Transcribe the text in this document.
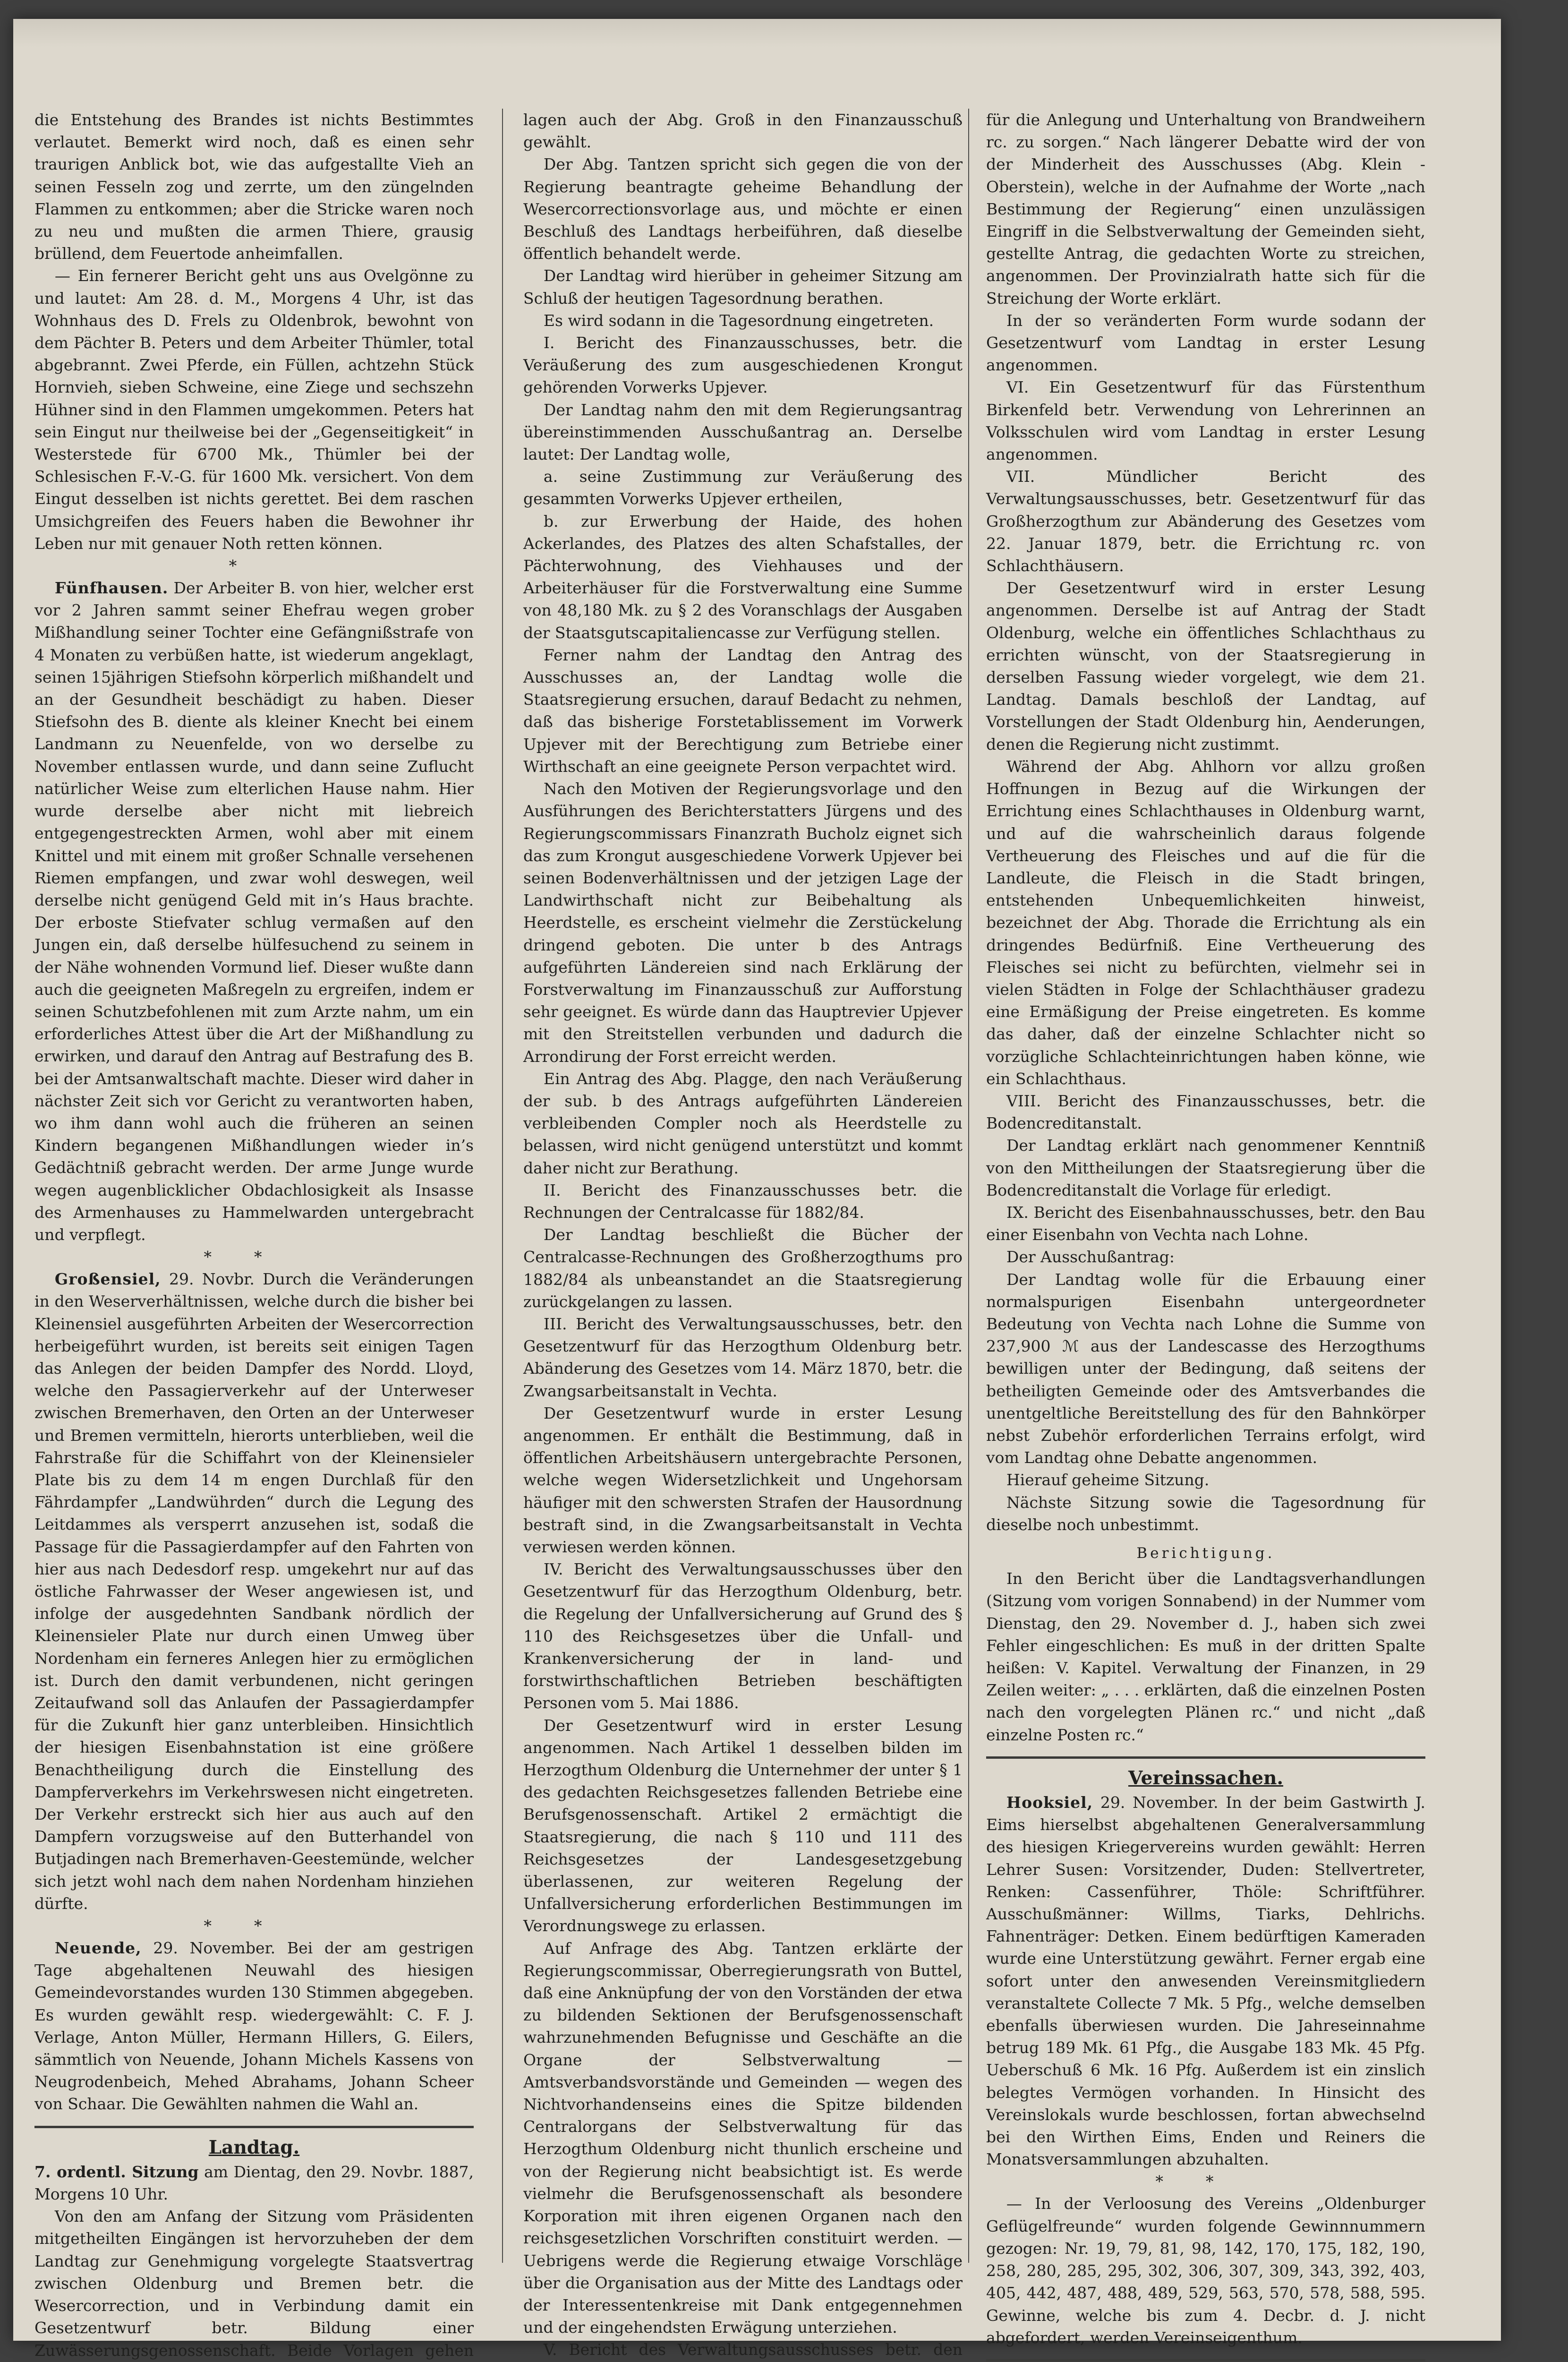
die Entstehung des Brandes ist nichts Bestimmtes verlautet. Bemerkt wird noch, daß es einen sehr traurigen Anblick bot, wie das aufgestallte Vieh an seinen Fesseln zog und zerrte, um den züngelnden Flammen zu entkommen; aber die Stricke waren noch zu neu und mußten die armen Thiere, grausig brüllend, dem Feuertode anheimfallen.

— Ein fernerer Bericht geht uns aus Ovelgönne zu und lautet: Am 28. d. M., Morgens 4 Uhr, ist das Wohnhaus des D. Frels zu Oldenbrok, bewohnt von dem Pächter B. Peters und dem Arbeiter Thümler, total abgebrannt. Zwei Pferde, ein Füllen, achtzehn Stück Hornvieh, sieben Schweine, eine Ziege und sechszehn Hühner sind in den Flammen umgekommen. Peters hat sein Eingut nur theilweise bei der „Gegenseitigkeit“ in Westerstede für 6700 Mk., Thümler bei der Schlesischen F.-V.-G. für 1600 Mk. versichert. Von dem Eingut desselben ist nichts gerettet. Bei dem raschen Umsichgreifen des Feuers haben die Bewohner ihr Leben nur mit genauer Noth retten können.

*

Fünfhausen. Der Arbeiter B. von hier, welcher erst vor 2 Jahren sammt seiner Ehefrau wegen grober Mißhandlung seiner Tochter eine Gefängnißstrafe von 4 Monaten zu verbüßen hatte, ist wiederum angeklagt, seinen 15jährigen Stiefsohn körperlich mißhandelt und an der Gesundheit beschädigt zu haben. Dieser Stiefsohn des B. diente als kleiner Knecht bei einem Landmann zu Neuenfelde, von wo derselbe zu November entlassen wurde, und dann seine Zuflucht natürlicher Weise zum elterlichen Hause nahm. Hier wurde derselbe aber nicht mit liebreich entgegengestreckten Armen, wohl aber mit einem Knittel und mit einem mit großer Schnalle versehenen Riemen empfangen, und zwar wohl deswegen, weil derselbe nicht genügend Geld mit in’s Haus brachte. Der erboste Stiefvater schlug vermaßen auf den Jungen ein, daß derselbe hülfesuchend zu seinem in der Nähe wohnenden Vormund lief. Dieser wußte dann auch die geeigneten Maßregeln zu ergreifen, indem er seinen Schutzbefohlenen mit zum Arzte nahm, um ein erforderliches Attest über die Art der Mißhandlung zu erwirken, und darauf den Antrag auf Bestrafung des B. bei der Amtsanwaltschaft machte. Dieser wird daher in nächster Zeit sich vor Gericht zu verantworten haben, wo ihm dann wohl auch die früheren an seinen Kindern begangenen Mißhandlungen wieder in’s Gedächtniß gebracht werden. Der arme Junge wurde wegen augenblicklicher Obdachlosigkeit als Insasse des Armenhauses zu Hammelwarden untergebracht und verpflegt.

**

Großensiel, 29. Novbr. Durch die Veränderungen in den Weserverhältnissen, welche durch die bisher bei Kleinensiel ausgeführten Arbeiten der Wesercorrection herbeigeführt wurden, ist bereits seit einigen Tagen das Anlegen der beiden Dampfer des Nordd. Lloyd, welche den Passagierverkehr auf der Unterweser zwischen Bremerhaven, den Orten an der Unterweser und Bremen vermitteln, hierorts unterblieben, weil die Fahrstraße für die Schiffahrt von der Kleinensieler Plate bis zu dem 14 m engen Durchlaß für den Fährdampfer „Landwührden“ durch die Legung des Leitdammes als versperrt anzusehen ist, sodaß die Passage für die Passagierdampfer auf den Fahrten von hier aus nach Dedesdorf resp. umgekehrt nur auf das östliche Fahrwasser der Weser angewiesen ist, und infolge der ausgedehnten Sandbank nördlich der Kleinensieler Plate nur durch einen Umweg über Nordenham ein ferneres Anlegen hier zu ermöglichen ist. Durch den damit verbundenen, nicht geringen Zeitaufwand soll das Anlaufen der Passagierdampfer für die Zukunft hier ganz unterbleiben. Hinsichtlich der hiesigen Eisenbahnstation ist eine größere Benachtheiligung durch die Einstellung des Dampferverkehrs im Verkehrswesen nicht eingetreten. Der Verkehr erstreckt sich hier aus auch auf den Dampfern vorzugsweise auf den Butterhandel von Butjadingen nach Bremerhaven-Geestemünde, welcher sich jetzt wohl nach dem nahen Nordenham hinziehen dürfte.

**

Neuende, 29. November. Bei der am gestrigen Tage abgehaltenen Neuwahl des hiesigen Gemeindevorstandes wurden 130 Stimmen abgegeben. Es wurden gewählt resp. wiedergewählt: C. F. J. Verlage, Anton Müller, Hermann Hillers, G. Eilers, sämmtlich von Neuende, Johann Michels Kassens von Neugrodenbeich, Mehed Abrahams, Johann Scheer von Schaar. Die Gewählten nahmen die Wahl an.

Landtag.

7. ordentl. Sitzung am Dientag, den 29. Novbr. 1887, Morgens 10 Uhr.

Von den am Anfang der Sitzung vom Präsidenten mitgetheilten Eingängen ist hervorzuheben der dem Landtag zur Genehmigung vorgelegte Staatsvertrag zwischen Oldenburg und Bremen betr. die Wesercorrection, und in Verbindung damit ein Gesetzentwurf betr. Bildung einer Zuwässerungsgenossenschaft. Beide Vorlagen gehen

lagen auch der Abg. Groß in den Finanzausschuß gewählt.

Der Abg. Tantzen spricht sich gegen die von der Regierung beantragte geheime Behandlung der Wesercorrectionsvorlage aus, und möchte er einen Beschluß des Landtags herbeiführen, daß dieselbe öffentlich behandelt werde.

Der Landtag wird hierüber in geheimer Sitzung am Schluß der heutigen Tagesordnung berathen.

Es wird sodann in die Tagesordnung eingetreten.

I. Bericht des Finanzausschusses, betr. die Veräußerung des zum ausgeschiedenen Krongut gehörenden Vorwerks Upjever.

Der Landtag nahm den mit dem Regierungsantrag übereinstimmenden Ausschußantrag an. Derselbe lautet: Der Landtag wolle,

a. seine Zustimmung zur Veräußerung des gesammten Vorwerks Upjever ertheilen,

b. zur Erwerbung der Haide, des hohen Ackerlandes, des Platzes des alten Schafstalles, der Pächterwohnung, des Viehhauses und der Arbeiterhäuser für die Forstverwaltung eine Summe von 48,180 Mk. zu § 2 des Voranschlags der Ausgaben der Staatsgutscapitaliencasse zur Verfügung stellen.

Ferner nahm der Landtag den Antrag des Ausschusses an, der Landtag wolle die Staatsregierung ersuchen, darauf Bedacht zu nehmen, daß das bisherige Forstetablissement im Vorwerk Upjever mit der Berechtigung zum Betriebe einer Wirthschaft an eine geeignete Person verpachtet wird.

Nach den Motiven der Regierungsvorlage und den Ausführungen des Berichterstatters Jürgens und des Regierungscommissars Finanzrath Bucholz eignet sich das zum Krongut ausgeschiedene Vorwerk Upjever bei seinen Bodenverhältnissen und der jetzigen Lage der Landwirthschaft nicht zur Beibehaltung als Heerdstelle, es erscheint vielmehr die Zerstückelung dringend geboten. Die unter b des Antrags aufgeführten Ländereien sind nach Erklärung der Forstverwaltung im Finanzausschuß zur Aufforstung sehr geeignet. Es würde dann das Hauptrevier Upjever mit den Streitstellen verbunden und dadurch die Arrondirung der Forst erreicht werden.

Ein Antrag des Abg. Plagge, den nach Veräußerung der sub. b des Antrags aufgeführten Ländereien verbleibenden Compler noch als Heerdstelle zu belassen, wird nicht genügend unterstützt und kommt daher nicht zur Berathung.

II. Bericht des Finanzausschusses betr. die Rechnungen der Centralcasse für 1882/84.

Der Landtag beschließt die Bücher der Centralcasse-Rechnungen des Großherzogthums pro 1882/84 als unbeanstandet an die Staatsregierung zurückgelangen zu lassen.

III. Bericht des Verwaltungsausschusses, betr. den Gesetzentwurf für das Herzogthum Oldenburg betr. Abänderung des Gesetzes vom 14. März 1870, betr. die Zwangsarbeitsanstalt in Vechta.

Der Gesetzentwurf wurde in erster Lesung angenommen. Er enthält die Bestimmung, daß in öffentlichen Arbeitshäusern untergebrachte Personen, welche wegen Widersetzlichkeit und Ungehorsam häufiger mit den schwersten Strafen der Hausordnung bestraft sind, in die Zwangsarbeitsanstalt in Vechta verwiesen werden können.

IV. Bericht des Verwaltungsausschusses über den Gesetzentwurf für das Herzogthum Oldenburg, betr. die Regelung der Unfallversicherung auf Grund des § 110 des Reichsgesetzes über die Unfall- und Krankenversicherung der in land- und forstwirthschaftlichen Betrieben beschäftigten Personen vom 5. Mai 1886.

Der Gesetzentwurf wird in erster Lesung angenommen. Nach Artikel 1 desselben bilden im Herzogthum Oldenburg die Unternehmer der unter § 1 des gedachten Reichsgesetzes fallenden Betriebe eine Berufsgenossenschaft. Artikel 2 ermächtigt die Staatsregierung, die nach § 110 und 111 des Reichsgesetzes der Landesgesetzgebung überlassenen, zur weiteren Regelung der Unfallversicherung erforderlichen Bestimmungen im Verordnungswege zu erlassen.

Auf Anfrage des Abg. Tantzen erklärte der Regierungscommissar, Oberregierungsrath von Buttel, daß eine Anknüpfung der von den Vorständen der etwa zu bildenden Sektionen der Berufsgenossenschaft wahrzunehmenden Befugnisse und Geschäfte an die Organe der Selbstverwaltung — Amtsverbandsvorstände und Gemeinden — wegen des Nichtvorhandenseins eines die Spitze bildenden Centralorgans der Selbstverwaltung für das Herzogthum Oldenburg nicht thunlich erscheine und von der Regierung nicht beabsichtigt ist. Es werde vielmehr die Berufsgenossenschaft als besondere Korporation mit ihren eigenen Organen nach den reichsgesetzlichen Vorschriften constituirt werden. — Uebrigens werde die Regierung etwaige Vorschläge über die Organisation aus der Mitte des Landtags oder der Interessentenkreise mit Dank entgegennehmen und der eingehendsten Erwägung unterziehen.

V. Bericht des Verwaltungsausschusses betr. den

für die Anlegung und Unterhaltung von Brandweihern rc. zu sorgen.“ Nach längerer Debatte wird der von der Minderheit des Ausschusses (Abg. Klein - Oberstein), welche in der Aufnahme der Worte „nach Bestimmung der Regierung“ einen unzulässigen Eingriff in die Selbstverwaltung der Gemeinden sieht, gestellte Antrag, die gedachten Worte zu streichen, angenommen. Der Provinzialrath hatte sich für die Streichung der Worte erklärt.

In der so veränderten Form wurde sodann der Gesetzentwurf vom Landtag in erster Lesung angenommen.

VI. Ein Gesetzentwurf für das Fürstenthum Birkenfeld betr. Verwendung von Lehrerinnen an Volksschulen wird vom Landtag in erster Lesung angenommen.

VII. Mündlicher Bericht des Verwaltungsausschusses, betr. Gesetzentwurf für das Großherzogthum zur Abänderung des Gesetzes vom 22. Januar 1879, betr. die Errichtung rc. von Schlachthäusern.

Der Gesetzentwurf wird in erster Lesung angenommen. Derselbe ist auf Antrag der Stadt Oldenburg, welche ein öffentliches Schlachthaus zu errichten wünscht, von der Staatsregierung in derselben Fassung wieder vorgelegt, wie dem 21. Landtag. Damals beschloß der Landtag, auf Vorstellungen der Stadt Oldenburg hin, Aenderungen, denen die Regierung nicht zustimmt.

Während der Abg. Ahlhorn vor allzu großen Hoffnungen in Bezug auf die Wirkungen der Errichtung eines Schlachthauses in Oldenburg warnt, und auf die wahrscheinlich daraus folgende Vertheuerung des Fleisches und auf die für die Landleute, die Fleisch in die Stadt bringen, entstehenden Unbequemlichkeiten hinweist, bezeichnet der Abg. Thorade die Errichtung als ein dringendes Bedürfniß. Eine Vertheuerung des Fleisches sei nicht zu befürchten, vielmehr sei in vielen Städten in Folge der Schlachthäuser gradezu eine Ermäßigung der Preise eingetreten. Es komme das daher, daß der einzelne Schlachter nicht so vorzügliche Schlachteinrichtungen haben könne, wie ein Schlachthaus.

VIII. Bericht des Finanzausschusses, betr. die Bodencreditanstalt.

Der Landtag erklärt nach genommener Kenntniß von den Mittheilungen der Staatsregierung über die Bodencreditanstalt die Vorlage für erledigt.

IX. Bericht des Eisenbahnausschusses, betr. den Bau einer Eisenbahn von Vechta nach Lohne.

Der Ausschußantrag:

Der Landtag wolle für die Erbauung einer normalspurigen Eisenbahn untergeordneter Bedeutung von Vechta nach Lohne die Summe von 237,900 ℳ aus der Landescasse des Herzogthums bewilligen unter der Bedingung, daß seitens der betheiligten Gemeinde oder des Amtsverbandes die unentgeltliche Bereitstellung des für den Bahnkörper nebst Zubehör erforderlichen Terrains erfolgt, wird vom Landtag ohne Debatte angenommen.

Hierauf geheime Sitzung.

Nächste Sitzung sowie die Tagesordnung für dieselbe noch unbestimmt.

Berichtigung.

In den Bericht über die Landtagsverhandlungen (Sitzung vom vorigen Sonnabend) in der Nummer vom Dienstag, den 29. November d. J., haben sich zwei Fehler eingeschlichen: Es muß in der dritten Spalte heißen: V. Kapitel. Verwaltung der Finanzen, in 29 Zeilen weiter: „ . . . erklärten, daß die einzelnen Posten nach den vorgelegten Plänen rc.“ und nicht „daß einzelne Posten rc.“

Vereinssachen.

Hooksiel, 29. November. In der beim Gastwirth J. Eims hierselbst abgehaltenen Generalversammlung des hiesigen Kriegervereins wurden gewählt: Herren Lehrer Susen: Vorsitzender, Duden: Stellvertreter, Renken: Cassenführer, Thöle: Schriftführer. Ausschußmänner: Willms, Tiarks, Dehlrichs. Fahnenträger: Detken. Einem bedürftigen Kameraden wurde eine Unterstützung gewährt. Ferner ergab eine sofort unter den anwesenden Vereinsmitgliedern veranstaltete Collecte 7 Mk. 5 Pfg., welche demselben ebenfalls überwiesen wurden. Die Jahreseinnahme betrug 189 Mk. 61 Pfg., die Ausgabe 183 Mk. 45 Pfg. Ueberschuß 6 Mk. 16 Pfg. Außerdem ist ein zinslich belegtes Vermögen vorhanden. In Hinsicht des Vereinslokals wurde beschlossen, fortan abwechselnd bei den Wirthen Eims, Enden und Reiners die Monatsversammlungen abzuhalten.

**

— In der Verloosung des Vereins „Oldenburger Geflügelfreunde“ wurden folgende Gewinnnummern gezogen: Nr. 19, 79, 81, 98, 142, 170, 175, 182, 190, 258, 280, 285, 295, 302, 306, 307, 309, 343, 392, 403, 405, 442, 487, 488, 489, 529, 563, 570, 578, 588, 595. Gewinne, welche bis zum 4. Decbr. d. J. nicht abgefordert, werden Vereinseigenthum.
